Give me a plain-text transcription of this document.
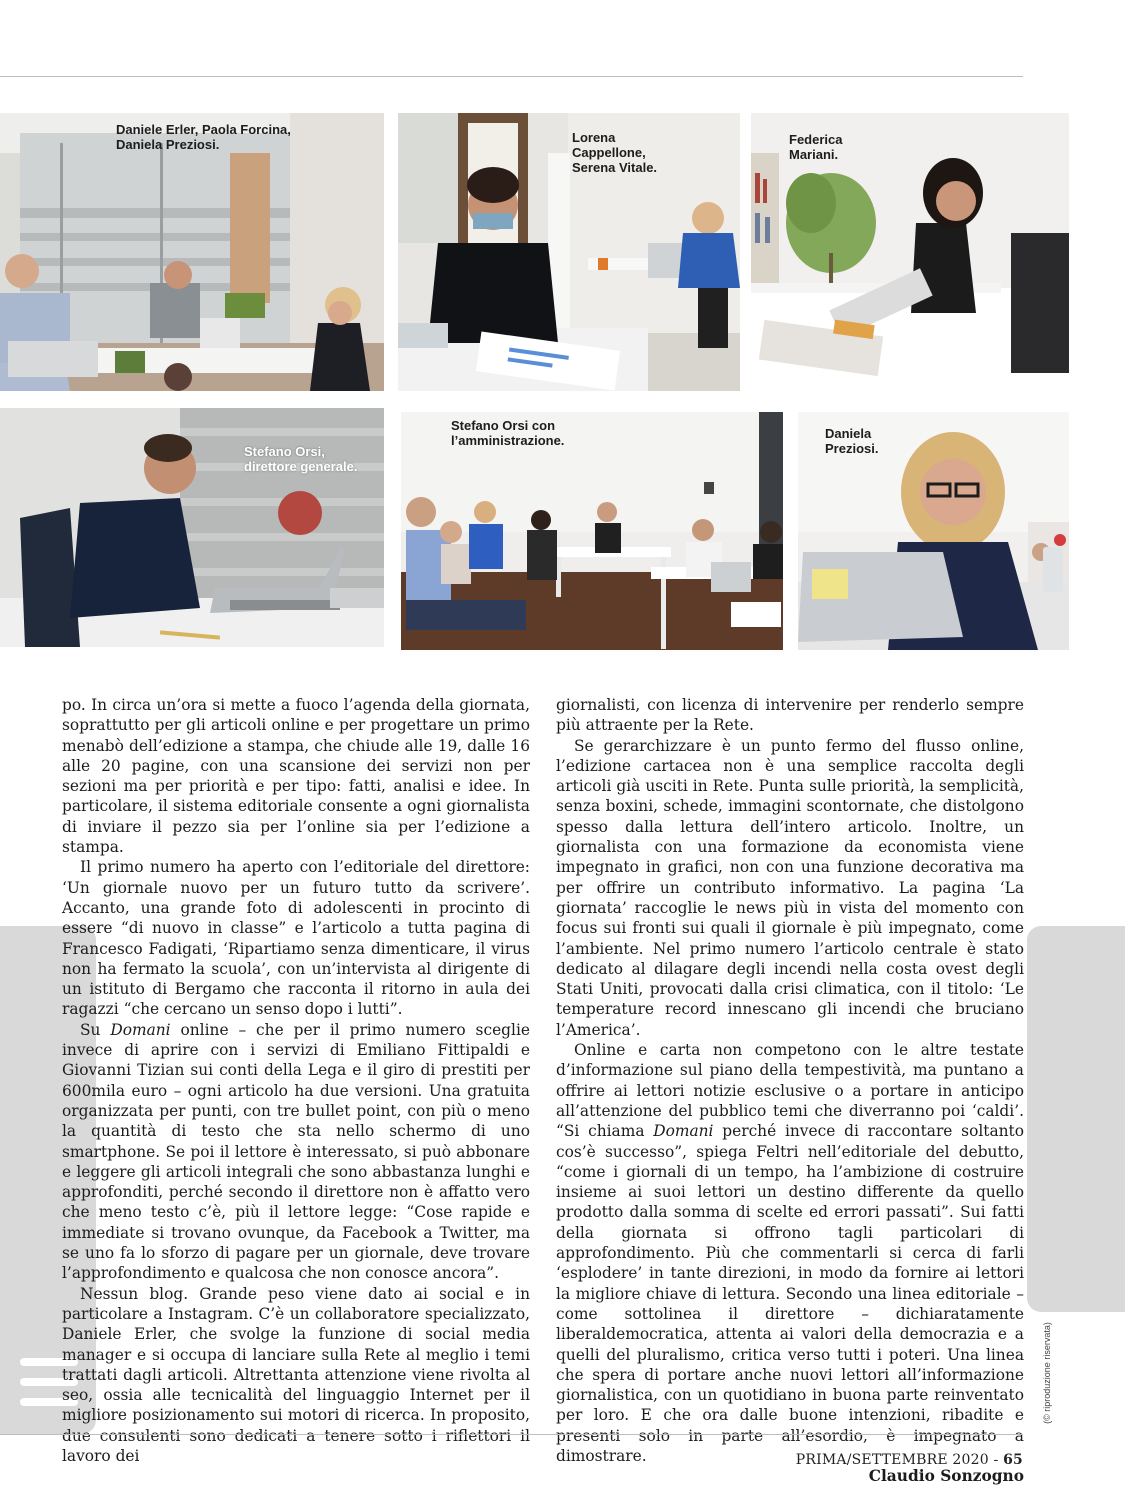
Daniele Erler, Paola Forcina,
Daniela Preziosi.	Lorena
Cappellone,
Serena Vitale.
Federica
Mariani.
Stefano Orsi,
direttore generale.
Stefano Orsi con
l’amministrazione.	Daniela
Preziosi.

po. In circa un’ora si mette a fuoco l’agenda della giornata, soprattutto per gli articoli online e per progettare un primo menabò dell’edizione a stampa, che chiude alle 19, dalle 16 alle 20 pagine, con una scansione dei servizi non per sezioni ma per priorità e per tipo: fatti, analisi e idee. In particolare, il sistema editoriale consente a ogni giornalista di inviare il pezzo sia per l’online sia per l’edizione a stampa.

Il primo numero ha aperto con l’editoriale del direttore: ‘Un giornale nuovo per un futuro tutto da scrivere’. Accanto, una grande foto di adolescenti in procinto di essere “di nuovo in classe” e l’articolo a tutta pagina di Francesco Fadigati, ‘Ripartiamo senza dimenticare, il virus non ha fermato la scuola’, con un’intervista al dirigente di un istituto di Bergamo che racconta il ritorno in aula dei ragazzi “che cercano un senso dopo i lutti”.

Su Domani online – che per il primo numero sceglie invece di aprire con i servizi di Emiliano Fittipaldi e Giovanni Tizian sui conti della Lega e il giro di prestiti per 600mila euro – ogni articolo ha due versioni. Una gratuita organizzata per punti, con tre bullet point, con più o meno la quantità di testo che sta nello schermo di uno smartphone. Se poi il lettore è interessato, si può abbonare e leggere gli articoli integrali che sono abbastanza lunghi e approfonditi, perché secondo il direttore non è affatto vero che meno testo c’è, più il lettore legge: “Cose rapide e immediate si trovano ovunque, da Facebook a Twitter, ma se uno fa lo sforzo di pagare per un giornale, deve trovare l’approfondimento e qualcosa che non conosce ancora”.

Nessun blog. Grande peso viene dato ai social e in particolare a Instagram. C’è un collaboratore specializzato, Daniele Erler, che svolge la funzione di social media manager e si occupa di lanciare sulla Rete al meglio i temi trattati dagli articoli. Altrettanta attenzione viene rivolta al seo, ossia alle tecnicalità del linguaggio Internet per il migliore posizionamento sui motori di ricerca. In proposito, due consulenti sono dedicati a tenere sotto i riflettori il lavoro dei

giornalisti, con licenza di intervenire per renderlo sempre più attraente per la Rete.

Se gerarchizzare è un punto fermo del flusso online, l’edizione cartacea non è una semplice raccolta degli articoli già usciti in Rete. Punta sulle priorità, la semplicità, senza boxini, schede, immagini scontornate, che distolgono spesso dalla lettura dell’intero articolo. Inoltre, un giornalista con una formazione da economista viene impegnato in grafici, non con una funzione decorativa ma per offrire un contributo informativo. La pagina ‘La giornata’ raccoglie le news più in vista del momento con focus sui fronti sui quali il giornale è più impegnato, come l’ambiente. Nel primo numero l’articolo centrale è stato dedicato al dilagare degli incendi nella costa ovest degli Stati Uniti, provocati dalla crisi climatica, con il titolo: ‘Le temperature record innescano gli incendi che bruciano l’America’.

Online e carta non competono con le altre testate d’informazione sul piano della tempestività, ma puntano a offrire ai lettori notizie esclusive o a portare in anticipo all’attenzione del pubblico temi che diverranno poi ‘caldi’. “Si chiama Domani perché invece di raccontare soltanto cos’è successo”, spiega Feltri nell’editoriale del debutto, “come i giornali di un tempo, ha l’ambizione di costruire insieme ai suoi lettori un destino differente da quello prodotto dalla somma di scelte ed errori passati”. Sui fatti della giornata si offrono tagli particolari di approfondimento. Più che commentarli si cerca di farli ‘esplodere’ in tante direzioni, in modo da fornire ai lettori la migliore chiave di lettura. Secondo una linea editoriale – come sottolinea il direttore – dichiaratamente liberaldemocratica, attenta ai valori della democrazia e a quelli del pluralismo, critica verso tutti i poteri. Una linea che spera di portare anche nuovi lettori all’informazione giornalistica, con un quotidiano in buona parte reinventato per loro. E che ora dalle buone intenzioni, ribadite e presenti solo in parte all’esordio, è impegnato a dimostrare.

Claudio Sonzogno

(© riproduzione riservata)
PRIMA/SETTEMBRE 2020 - 65
